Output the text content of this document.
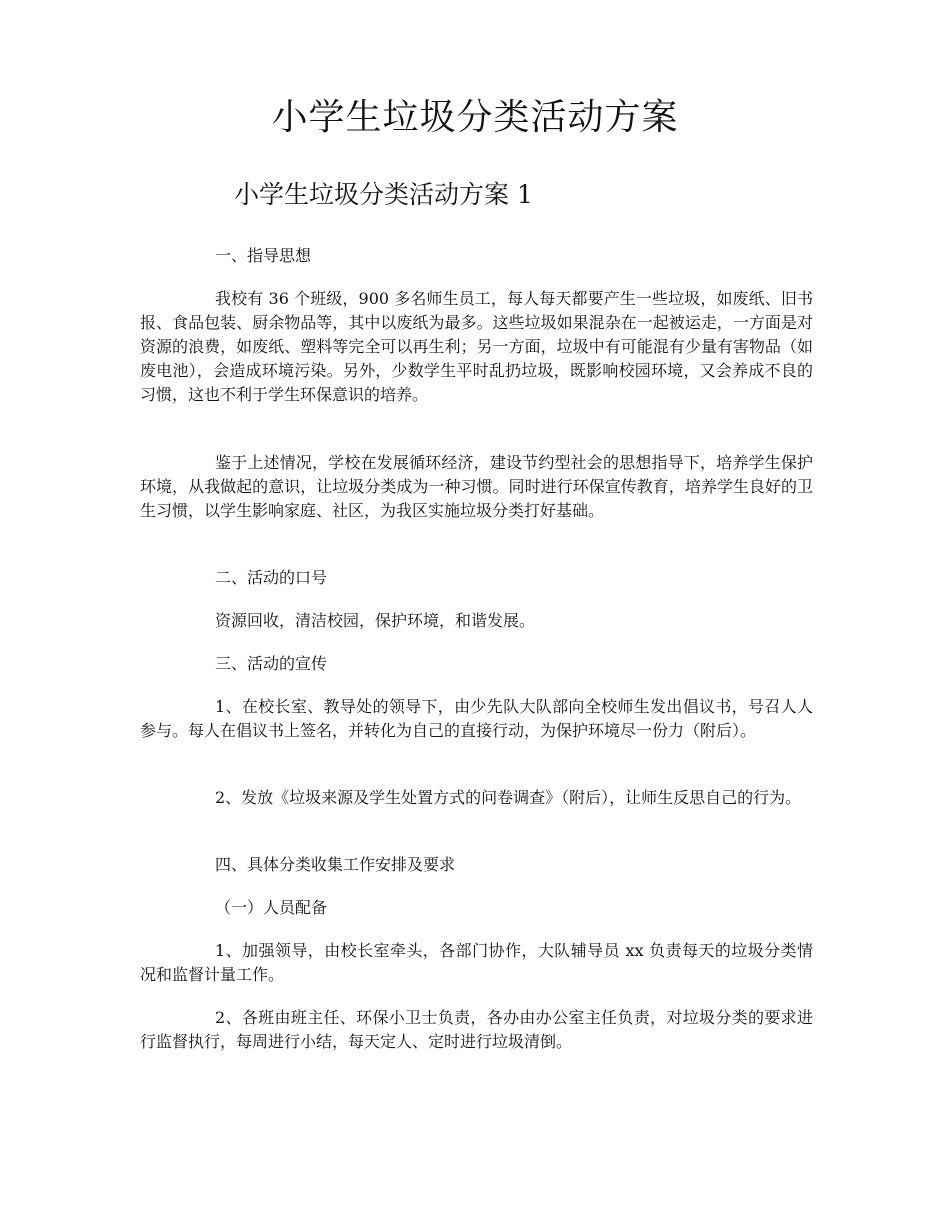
小学生垃圾分类活动方案
小学生垃圾分类活动方案 1
一、指导思想
我校有 36 个班级，900 多名师生员工，每人每天都要产生一些垃圾，如废纸、旧书报、食品包装、厨余物品等，其中以废纸为最多。这些垃圾如果混杂在一起被运走，一方面是对资源的浪费，如废纸、塑料等完全可以再生利；另一方面，垃圾中有可能混有少量有害物品（如废电池），会造成环境污染。另外，少数学生平时乱扔垃圾，既影响校园环境，又会养成不良的习惯，这也不利于学生环保意识的培养。
鉴于上述情况，学校在发展循环经济，建设节约型社会的思想指导下，培养学生保护环境，从我做起的意识，让垃圾分类成为一种习惯。同时进行环保宣传教育，培养学生良好的卫生习惯，以学生影响家庭、社区，为我区实施垃圾分类打好基础。
二、活动的口号
资源回收，清洁校园，保护环境，和谐发展。
三、活动的宣传
1、在校长室、教导处的领导下，由少先队大队部向全校师生发出倡议书，号召人人参与。每人在倡议书上签名，并转化为自己的直接行动，为保护环境尽一份力（附后）。
2、发放《垃圾来源及学生处置方式的问卷调查》（附后），让师生反思自己的行为。
四、具体分类收集工作安排及要求
（一）人员配备
1、加强领导，由校长室牵头，各部门协作，大队辅导员 xx 负责每天的垃圾分类情况和监督计量工作。
2、各班由班主任、环保小卫士负责，各办由办公室主任负责，对垃圾分类的要求进行监督执行，每周进行小结，每天定人、定时进行垃圾清倒。
